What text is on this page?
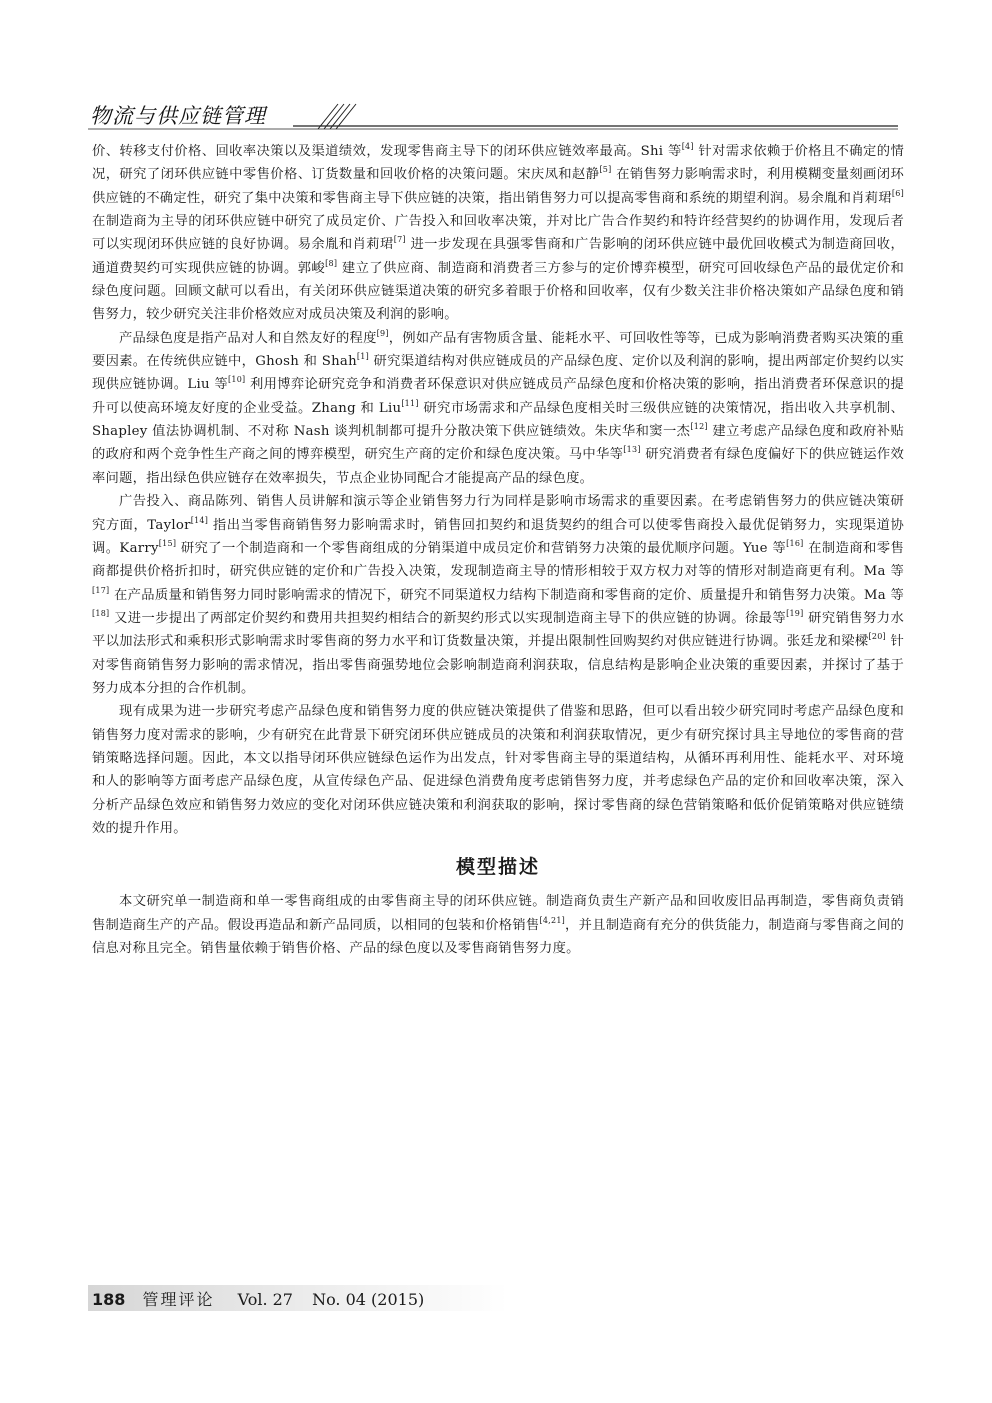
物流与供应链管理

价、转移支付价格、回收率决策以及渠道绩效，发现零售商主导下的闭环供应链效率最高。Shi 等[4] 针对需求依赖于价格且不确定的情况，研究了闭环供应链中零售价格、订货数量和回收价格的决策问题。宋庆凤和赵静[5] 在销售努力影响需求时，利用模糊变量刻画闭环供应链的不确定性，研究了集中决策和零售商主导下供应链的决策，指出销售努力可以提高零售商和系统的期望利润。易余胤和肖莉珺[6] 在制造商为主导的闭环供应链中研究了成员定价、广告投入和回收率决策，并对比广告合作契约和特许经营契约的协调作用，发现后者可以实现闭环供应链的良好协调。易余胤和肖莉珺[7] 进一步发现在具强零售商和广告影响的闭环供应链中最优回收模式为制造商回收，通道费契约可实现供应链的协调。郭峻[8] 建立了供应商、制造商和消费者三方参与的定价博弈模型，研究可回收绿色产品的最优定价和绿色度问题。回顾文献可以看出，有关闭环供应链渠道决策的研究多着眼于价格和回收率，仅有少数关注非价格决策如产品绿色度和销售努力，较少研究关注非价格效应对成员决策及利润的影响。

产品绿色度是指产品对人和自然友好的程度[9]，例如产品有害物质含量、能耗水平、可回收性等等，已成为影响消费者购买决策的重要因素。在传统供应链中，Ghosh 和 Shah[1] 研究渠道结构对供应链成员的产品绿色度、定价以及利润的影响，提出两部定价契约以实现供应链协调。Liu 等[10] 利用博弈论研究竞争和消费者环保意识对供应链成员产品绿色度和价格决策的影响，指出消费者环保意识的提升可以使高环境友好度的企业受益。Zhang 和 Liu[11] 研究市场需求和产品绿色度相关时三级供应链的决策情况，指出收入共享机制、Shapley 值法协调机制、不对称 Nash 谈判机制都可提升分散决策下供应链绩效。朱庆华和窦一杰[12] 建立考虑产品绿色度和政府补贴的政府和两个竞争性生产商之间的博弈模型，研究生产商的定价和绿色度决策。马中华等[13] 研究消费者有绿色度偏好下的供应链运作效率问题，指出绿色供应链存在效率损失，节点企业协同配合才能提高产品的绿色度。

广告投入、商品陈列、销售人员讲解和演示等企业销售努力行为同样是影响市场需求的重要因素。在考虑销售努力的供应链决策研究方面，Taylor[14] 指出当零售商销售努力影响需求时，销售回扣契约和退货契约的组合可以使零售商投入最优促销努力，实现渠道协调。Karry[15] 研究了一个制造商和一个零售商组成的分销渠道中成员定价和营销努力决策的最优顺序问题。Yue 等[16] 在制造商和零售商都提供价格折扣时，研究供应链的定价和广告投入决策，发现制造商主导的情形相较于双方权力对等的情形对制造商更有利。Ma 等[17] 在产品质量和销售努力同时影响需求的情况下，研究不同渠道权力结构下制造商和零售商的定价、质量提升和销售努力决策。Ma 等[18] 又进一步提出了两部定价契约和费用共担契约相结合的新契约形式以实现制造商主导下的供应链的协调。徐最等[19] 研究销售努力水平以加法形式和乘积形式影响需求时零售商的努力水平和订货数量决策，并提出限制性回购契约对供应链进行协调。张廷龙和梁樑[20] 针对零售商销售努力影响的需求情况，指出零售商强势地位会影响制造商利润获取，信息结构是影响企业决策的重要因素，并探讨了基于努力成本分担的合作机制。

现有成果为进一步研究考虑产品绿色度和销售努力度的供应链决策提供了借鉴和思路，但可以看出较少研究同时考虑产品绿色度和销售努力度对需求的影响，少有研究在此背景下研究闭环供应链成员的决策和利润获取情况，更少有研究探讨具主导地位的零售商的营销策略选择问题。因此，本文以指导闭环供应链绿色运作为出发点，针对零售商主导的渠道结构，从循环再利用性、能耗水平、对环境和人的影响等方面考虑产品绿色度，从宣传绿色产品、促进绿色消费角度考虑销售努力度，并考虑绿色产品的定价和回收率决策，深入分析产品绿色效应和销售努力效应的变化对闭环供应链决策和利润获取的影响，探讨零售商的绿色营销策略和低价促销策略对供应链绩效的提升作用。

模型描述

本文研究单一制造商和单一零售商组成的由零售商主导的闭环供应链。制造商负责生产新产品和回收废旧品再制造，零售商负责销售制造商生产的产品。假设再造品和新产品同质，以相同的包装和价格销售[4,21]，并且制造商有充分的供货能力，制造商与零售商之间的信息对称且完全。销售量依赖于销售价格、产品的绿色度以及零售商销售努力度。

188 管理评论 Vol. 27 No. 04 (2015)
